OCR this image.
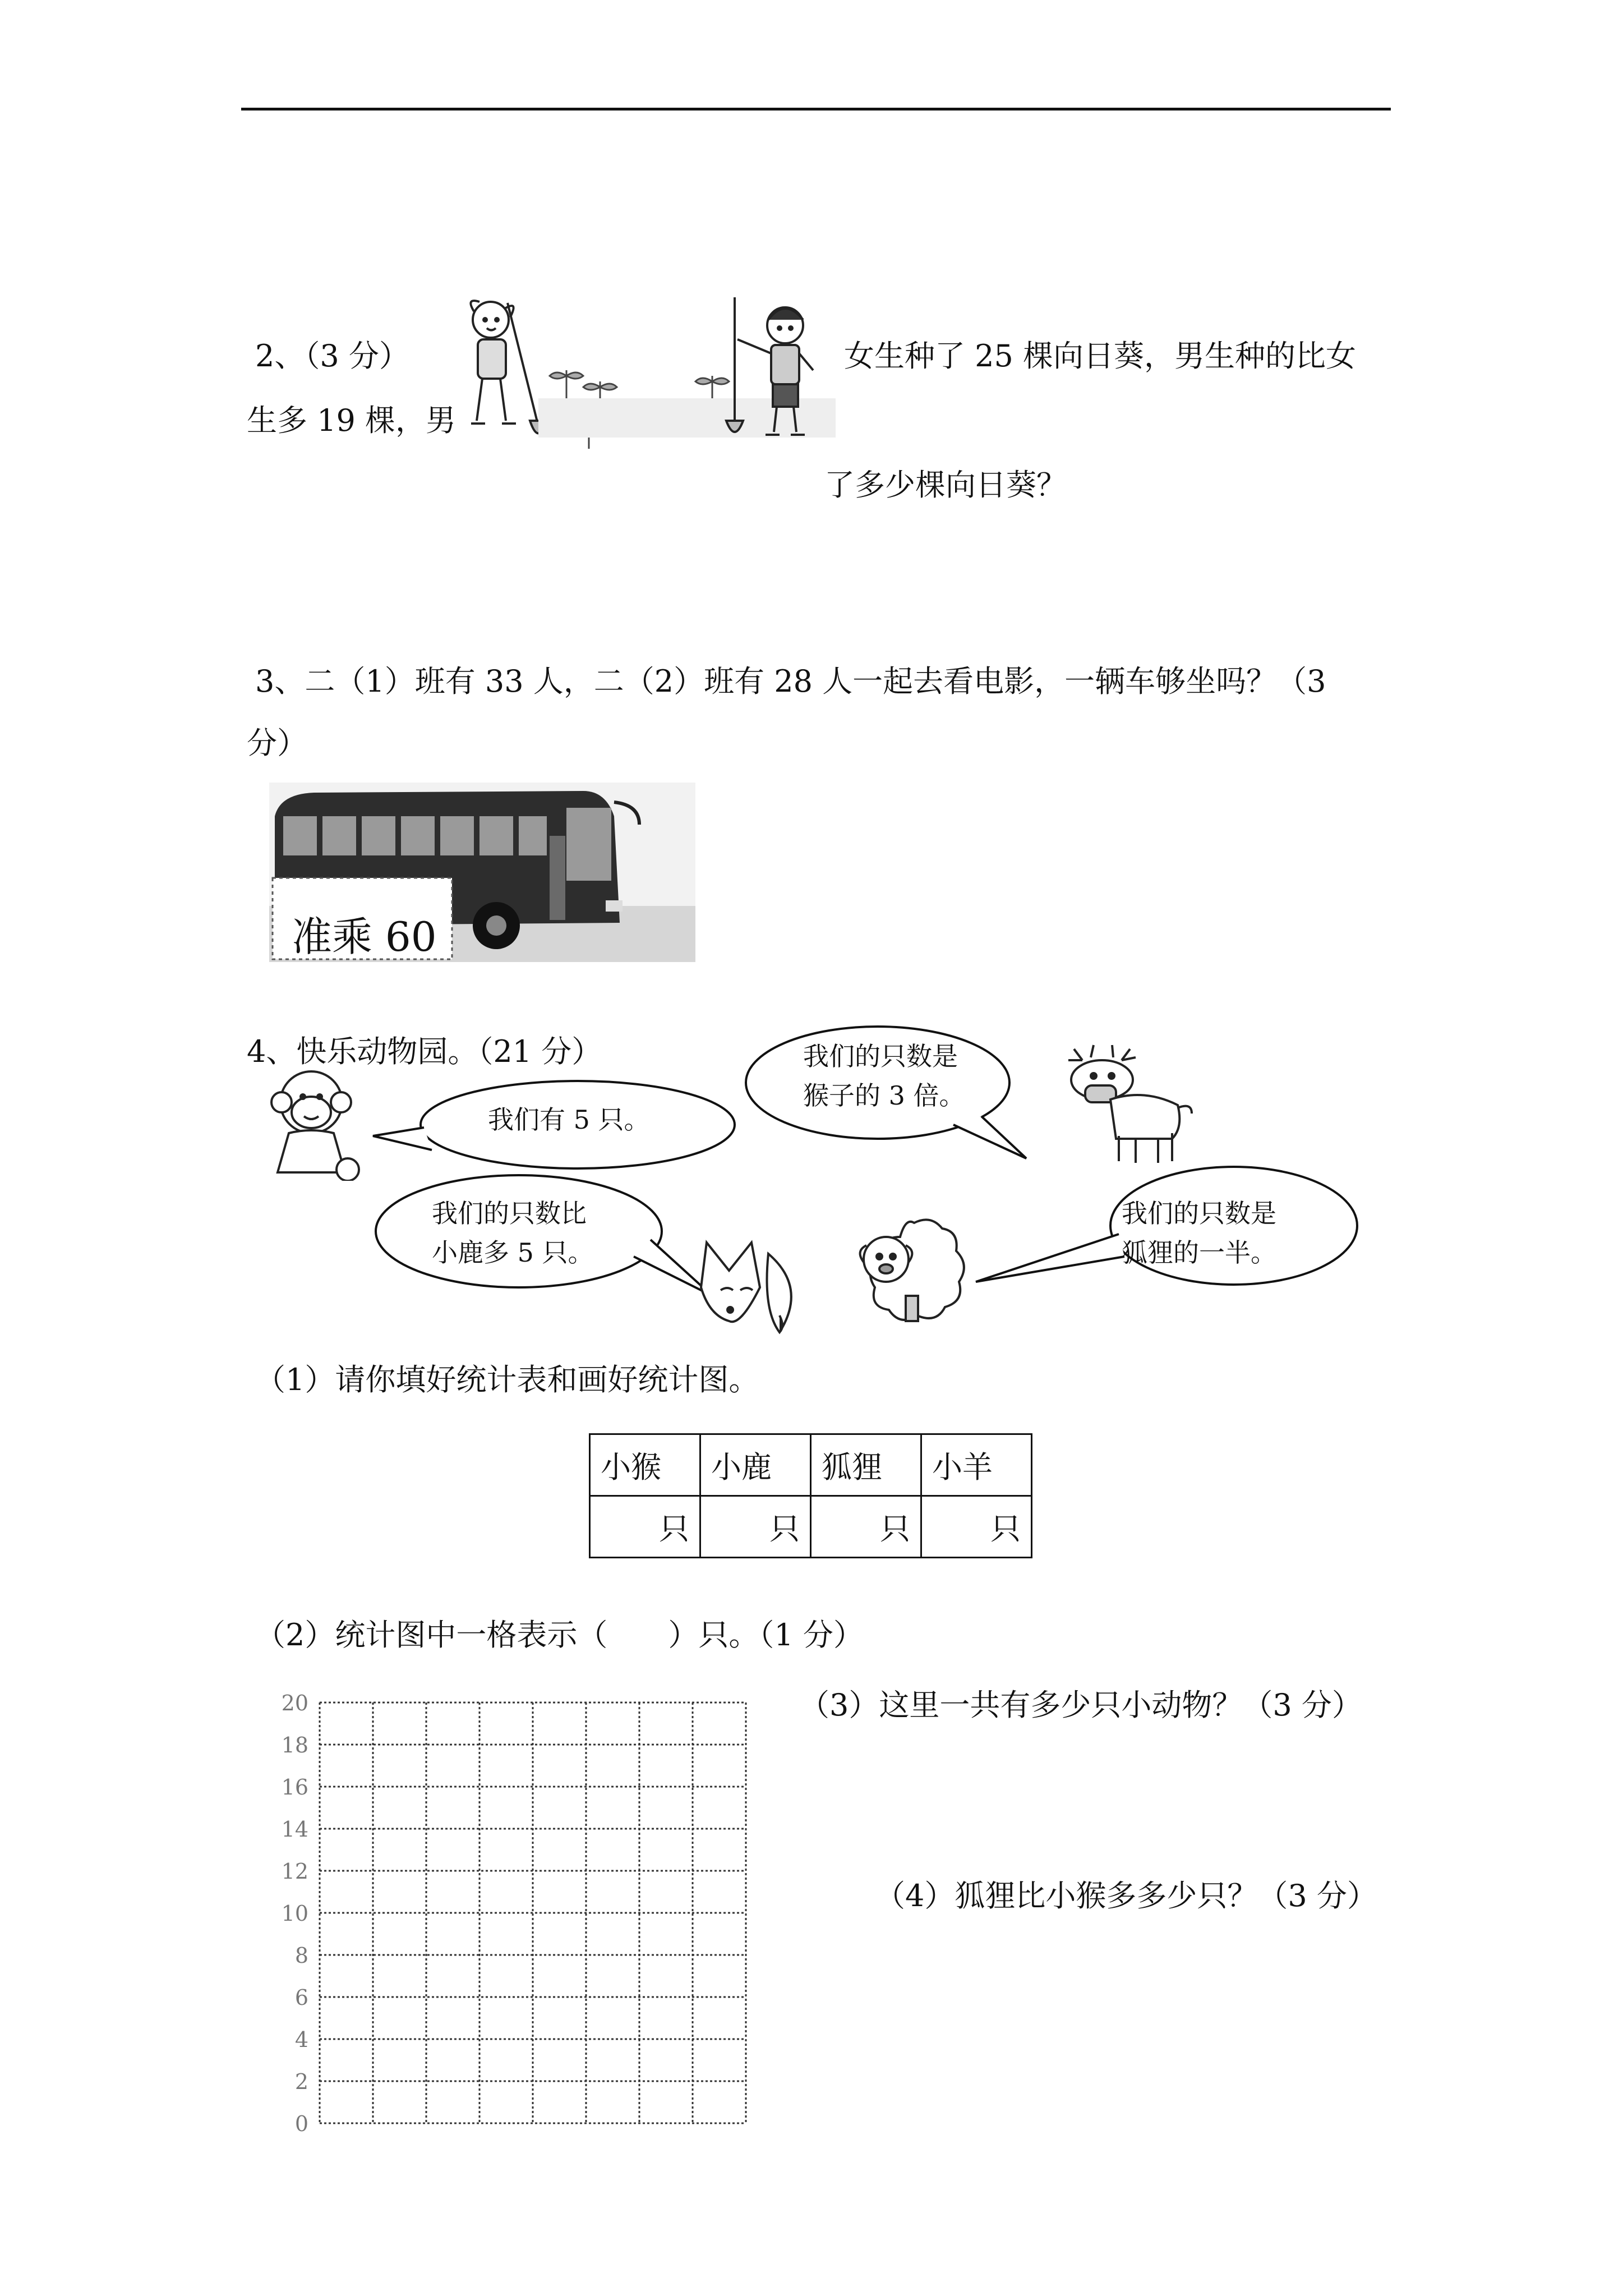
2、（3 分）	女生种了 25 棵向日葵，男生种的比女
生多 19 棵，男
了多少棵向日葵？
3、二（1）班有 33 人，二（2）班有 28 人一起去看电影，一辆车够坐吗？（3
分）
准乘 60
4、快乐动物园。（21 分）
我们有 5 只。
我们的只数是
猴子的 3 倍。
我们的只数比
小鹿多 5 只。
我们的只数是
狐狸的一半。
（1）请你填好统计表和画好统计图。
小猴	小鹿	狐狸	小羊
只	只	只	只
（2）统计图中一格表示（　　）只。（1 分）
20
18
16
14
12
10
8
6
4
2
0
（3）这里一共有多少只小动物？（3 分）
（4）狐狸比小猴多多少只？（3 分）
